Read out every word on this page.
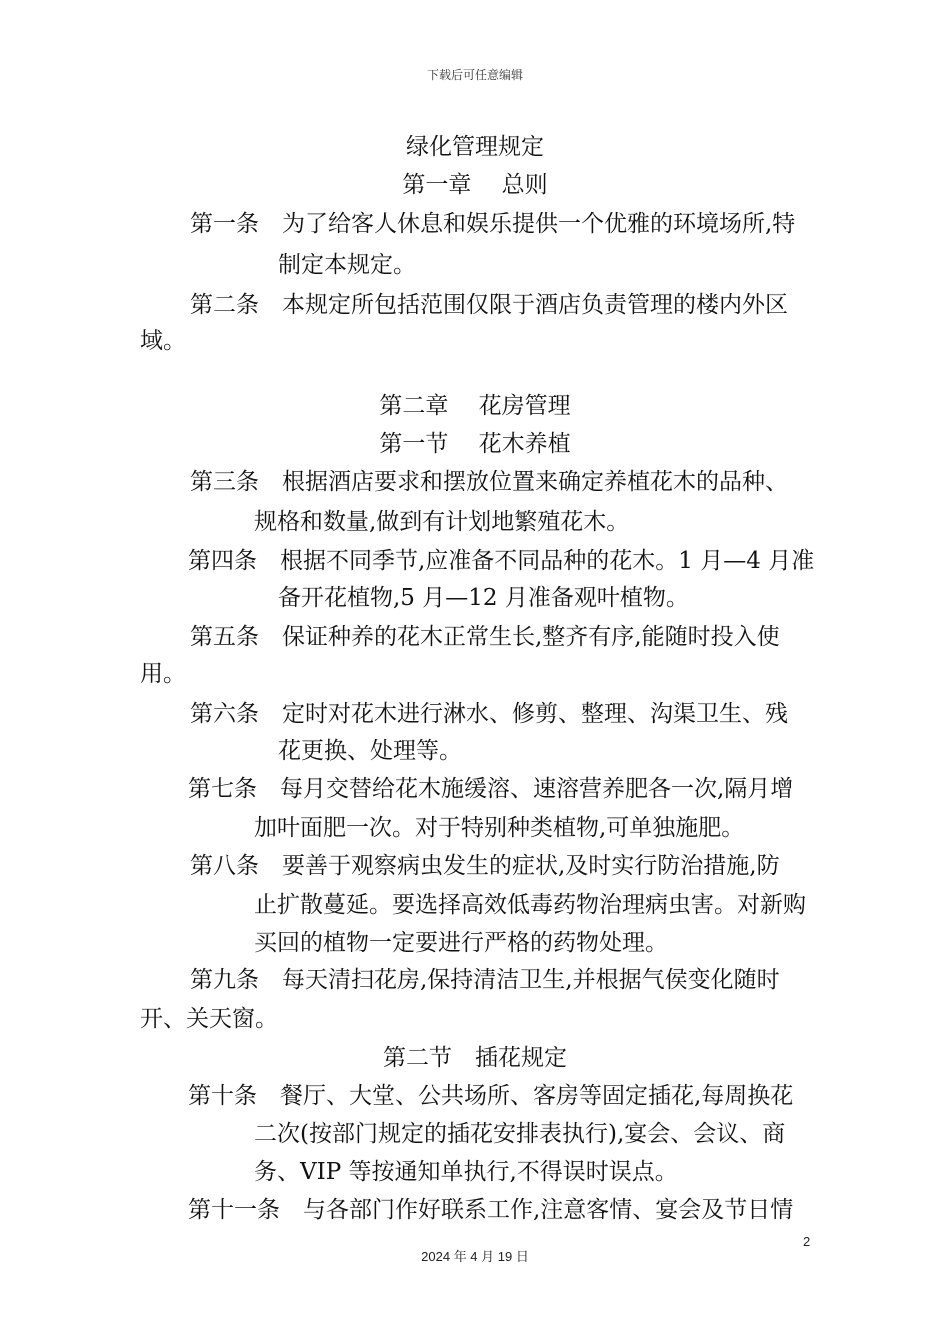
下载后可任意编辑
绿化管理规定
第一章　 总则
第一条　为了给客人休息和娱乐提供一个优雅的环境场所,特
制定本规定。
第二条　本规定所包括范围仅限于酒店负责管理的楼内外区
域。
第二章　 花房管理
第一节　 花木养植
第三条　根据酒店要求和摆放位置来确定养植花木的品种、
规格和数量,做到有计划地繁殖花木。
第四条　根据不同季节,应准备不同品种的花木。1 月—4 月准
备开花植物,5 月—12 月准备观叶植物。
第五条　保证种养的花木正常生长,整齐有序,能随时投入使
用。
第六条　定时对花木进行淋水、修剪、整理、沟渠卫生、残
花更换、处理等。
第七条　每月交替给花木施缓溶、速溶营养肥各一次,隔月增
加叶面肥一次。对于特别种类植物,可单独施肥。
第八条　要善于观察病虫发生的症状,及时实行防治措施,防
止扩散蔓延。要选择高效低毒药物治理病虫害。对新购
买回的植物一定要进行严格的药物处理。
第九条　每天清扫花房,保持清洁卫生,并根据气侯变化随时
开、关天窗。
第二节　插花规定
第十条　餐厅、大堂、公共场所、客房等固定插花,每周换花
二次(按部门规定的插花安排表执行),宴会、会议、商
务、VIP 等按通知单执行,不得误时误点。
第十一条　与各部门作好联系工作,注意客情、宴会及节日情
2
2024 年 4 月 19 日
